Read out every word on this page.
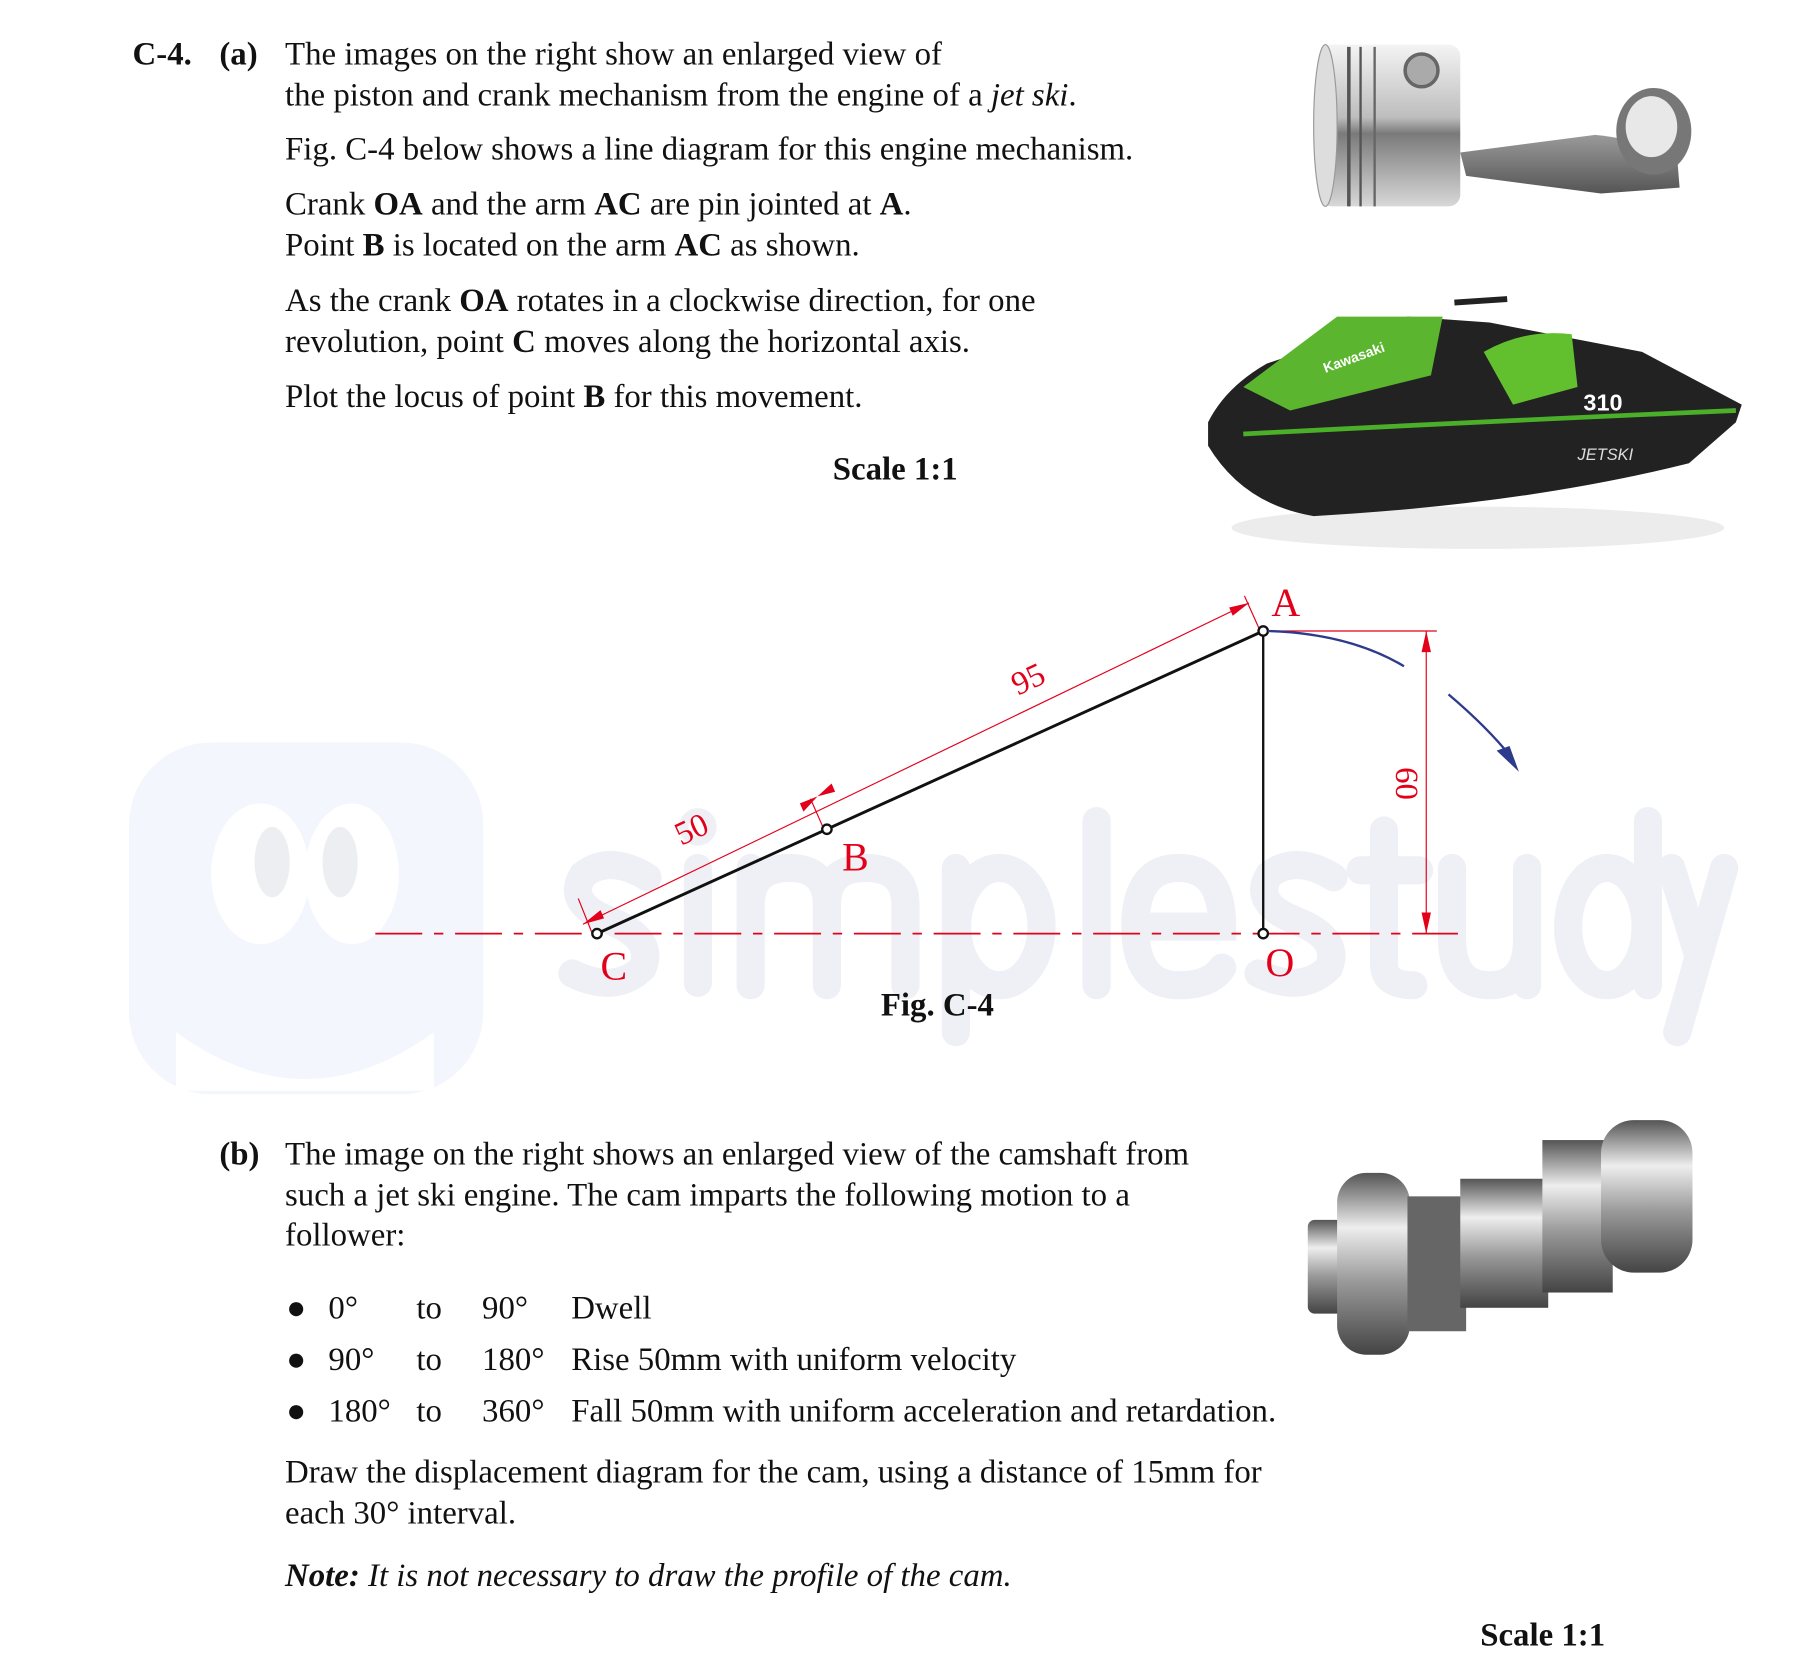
C-4. (a) The images on the right show an enlarged view of
the piston and crank mechanism from the engine of a jet ski.
Fig. C-4 below shows a line diagram for this engine mechanism.
Crank OA and the arm AC are pin jointed at A.
Point B is located on the arm AC as shown.
As the crank OA rotates in a clockwise direction, for one
revolution, point C moves along the horizontal axis.
Plot the locus of point B for this movement.
Scale 1:1
Kawasaki
310
JETSKI
50
95
60
A
B
C	O
Fig. C-4
(b) The image on the right shows an enlarged view of the camshaft from
such a jet ski engine. The cam imparts the following motion to a
follower:
● 0° to 90° Dwell
● 90° to 180° Rise 50mm with uniform velocity
● 180° to 360° Fall 50mm with uniform acceleration and retardation.
Draw the displacement diagram for the cam, using a distance of 15mm for
each 30° interval.
Note: It is not necessary to draw the profile of the cam.
Scale 1:1
